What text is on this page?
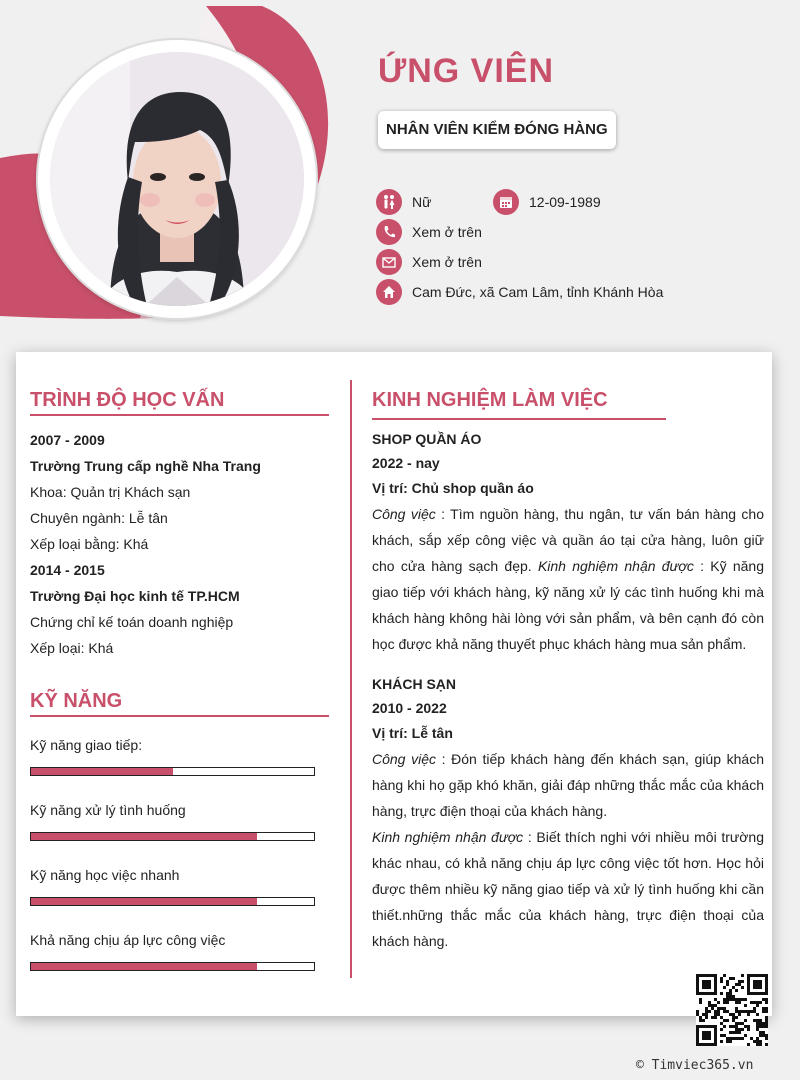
ỨNG VIÊN
NHÂN VIÊN KIỂM ĐÓNG HÀNG
Nữ	12-09-1989
Xem ở trên
Xem ở trên
Cam Đức, xã Cam Lâm, tỉnh Khánh Hòa
TRÌNH ĐỘ HỌC VẤN
2007 - 2009
Trường Trung cấp nghề Nha Trang
Khoa: Quản trị Khách sạn
Chuyên ngành: Lễ tân
Xếp loại bằng: Khá
2014 - 2015
Trường Đại học kinh tế TP.HCM
Chứng chỉ kế toán doanh nghiệp
Xếp loại: Khá
KỸ NĂNG
Kỹ năng giao tiếp:
Kỹ năng xử lý tình huống
Kỹ năng học việc nhanh
Khả năng chịu áp lực công việc
KINH NGHIỆM LÀM VIỆC
SHOP QUẦN ÁO
2022 - nay
Vị trí: Chủ shop quần áo
Công việc : Tìm nguồn hàng, thu ngân, tư vấn bán hàng cho khách, sắp xếp công việc và quần áo tại cửa hàng, luôn giữ cho cửa hàng sạch đẹp. Kinh nghiệm nhận được : Kỹ năng giao tiếp với khách hàng, kỹ năng xử lý các tình huống khi mà khách hàng không hài lòng với sản phẩm, và bên cạnh đó còn học được khả năng thuyết phục khách hàng mua sản phẩm.
KHÁCH SẠN
2010 - 2022
Vị trí: Lễ tân
Công việc : Đón tiếp khách hàng đến khách sạn, giúp khách hàng khi họ gặp khó khăn, giải đáp những thắc mắc của khách hàng, trực điện thoại của khách hàng.
Kinh nghiệm nhận được : Biết thích nghi với nhiều môi trường khác nhau, có khả năng chịu áp lực công việc tốt hơn. Học hỏi được thêm nhiều kỹ năng giao tiếp và xử lý tình huống khi cần thiết.những thắc mắc của khách hàng, trực điện thoại của khách hàng.
© Timviec365.vn
